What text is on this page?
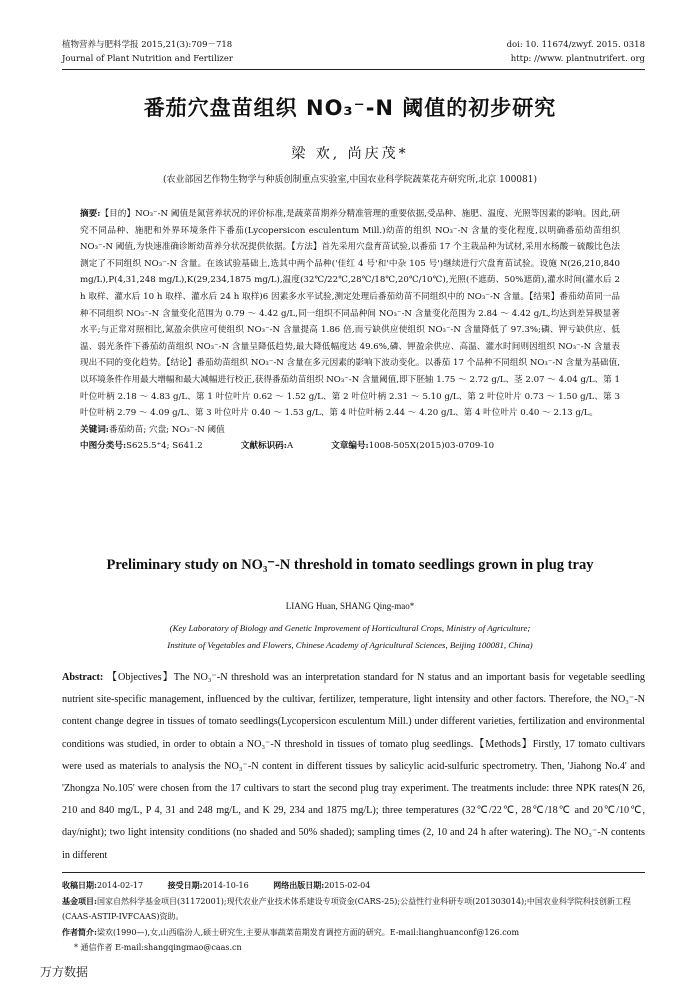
植物营养与肥料学报 2015,21(3):709－718	doi: 10. 11674/zwyf. 2015. 0318
Journal of Plant Nutrition and Fertilizer	http: //www. plantnutrifert. org
番茄穴盘苗组织 NO₃⁻-N 阈值的初步研究
梁 欢, 尚庆茂*
(农业部园艺作物生物学与种质创制重点实验室,中国农业科学院蔬菜花卉研究所,北京 100081)

摘要:【目的】NO₃⁻-N 阈值是氮营养状况的评价标准,是蔬菜苗期养分精准管理的重要依据,受品种、施肥、温度、光照等因素的影响。因此,研究不同品种、施肥和外界环境条件下番茄(Lycopersicon esculentum Mill.)幼苗的组织 NO₃⁻-N 含量的变化程度,以明确番茄幼苗组织 NO₃⁻-N 阈值,为快速准确诊断幼苗养分状况提供依据。【方法】首先采用穴盘育苗试验,以番茄 17 个主栽品种为试材,采用水杨酸－硫酸比色法测定了不同组织 NO₃⁻-N 含量。在该试验基础上,选其中两个品种('佳红 4 号'和'中杂 105 号')继续进行穴盘育苗试验。设施 N(26,210,840 mg/L),P(4,31,248 mg/L),K(29,234,1875 mg/L),温度(32℃/22℃,28℃/18℃,20℃/10℃),光照(不遮荫、50%遮荫),灌水时间(灌水后 2 h 取样、灌水后 10 h 取样、灌水后 24 h 取样)6 因素多水平试验,测定处理后番茄幼苗不同组织中的 NO₃⁻-N 含量。【结果】番茄幼苗同一品种不同组织 NO₃⁻-N 含量变化范围为 0.79 ～ 4.42 g/L,同一组织不同品种间 NO₃⁻-N 含量变化范围为 2.84 ～ 4.42 g/L,均达到差异极显著水平;与正常对照相比,氮盈余供应可使组织 NO₃⁻-N 含量提高 1.86 倍,而亏缺供应使组织 NO₃⁻-N 含量降低了 97.3%;磷、钾亏缺供应、低温、弱光条件下番茄幼苗组织 NO₃⁻-N 含量呈降低趋势,最大降低幅度达 49.6%,磷、钾盈余供应、高温、灌水时间则因组织 NO₃⁻-N 含量表现出不同的变化趋势。【结论】番茄幼苗组织 NO₃⁻-N 含量在多元因素的影响下波动变化。以番茄 17 个品种不同组织 NO₃⁻-N 含量为基础值,以环境条件作用最大增幅和最大减幅进行校正,获得番茄幼苗组织 NO₃⁻-N 含量阈值,即下胚轴 1.75 ～ 2.72 g/L、茎 2.07 ～ 4.04 g/L、第 1 叶位叶柄 2.18 ～ 4.83 g/L、第 1 叶位叶片 0.62 ～ 1.52 g/L、第 2 叶位叶柄 2.31 ～ 5.10 g/L、第 2 叶位叶片 0.73 ～ 1.50 g/L、第 3 叶位叶柄 2.79 ～ 4.09 g/L、第 3 叶位叶片 0.40 ～ 1.53 g/L、第 4 叶位叶柄 2.44 ～ 4.20 g/L、第 4 叶位叶片 0.40 ～ 2.13 g/L。

关键词:番茄幼苗; 穴盘; NO₃⁻-N 阈值

中图分类号:S625.5⁺4; S641.2	文献标识码:A	文章编号:1008-505X(2015)03-0709-10
Preliminary study on NO₃⁻-N threshold in tomato seedlings grown in plug tray
LIANG Huan, SHANG Qing-mao*
(Key Laboratory of Biology and Genetic Improvement of Horticultural Crops, Ministry of Agriculture;
Institute of Vegetables and Flowers, Chinese Academy of Agricultural Sciences, Beijing 100081, China)

Abstract: 【Objectives】The NO₃⁻-N threshold was an interpretation standard for N status and an important basis for vegetable seedling nutrient site-specific management, influenced by the cultivar, fertilizer, temperature, light intensity and other factors. Therefore, the NO₃⁻-N content change degree in tissues of tomato seedlings(Lycopersicon esculentum Mill.) under different varieties, fertilization and environmental conditions was studied, in order to obtain a NO₃⁻-N threshold in tissues of tomato plug seedlings.【Methods】Firstly, 17 tomato cultivars were used as materials to analysis the NO₃⁻-N content in different tissues by salicylic acid-sulfuric spectrometry. Then, 'Jiahong No.4' and 'Zhongza No.105' were chosen from the 17 cultivars to start the second plug tray experiment. The treatments include: three NPK rates(N 26, 210 and 840 mg/L, P 4, 31 and 248 mg/L, and K 29, 234 and 1875 mg/L); three temperatures (32℃/22℃, 28℃/18℃ and 20℃/10℃, day/night); two light intensity conditions (no shaded and 50% shaded); sampling times (2, 10 and 24 h after watering). The NO₃⁻-N contents in different

收稿日期:2014-02-17	接受日期:2014-10-16	网络出版日期:2015-02-04

基金项目:国家自然科学基金项目(31172001);现代农业产业技术体系建设专项资金(CARS-25);公益性行业科研专项(201303014);中国农业科学院科技创新工程(CAAS-ASTIP-IVFCAAS)资助。

作者简介:梁欢(1990—),女,山西临汾人,硕士研究生,主要从事蔬菜苗期发育调控方面的研究。E-mail:lianghuanconf@126.com

* 通信作者 E-mail:shangqingmao@caas.cn

万方数据
